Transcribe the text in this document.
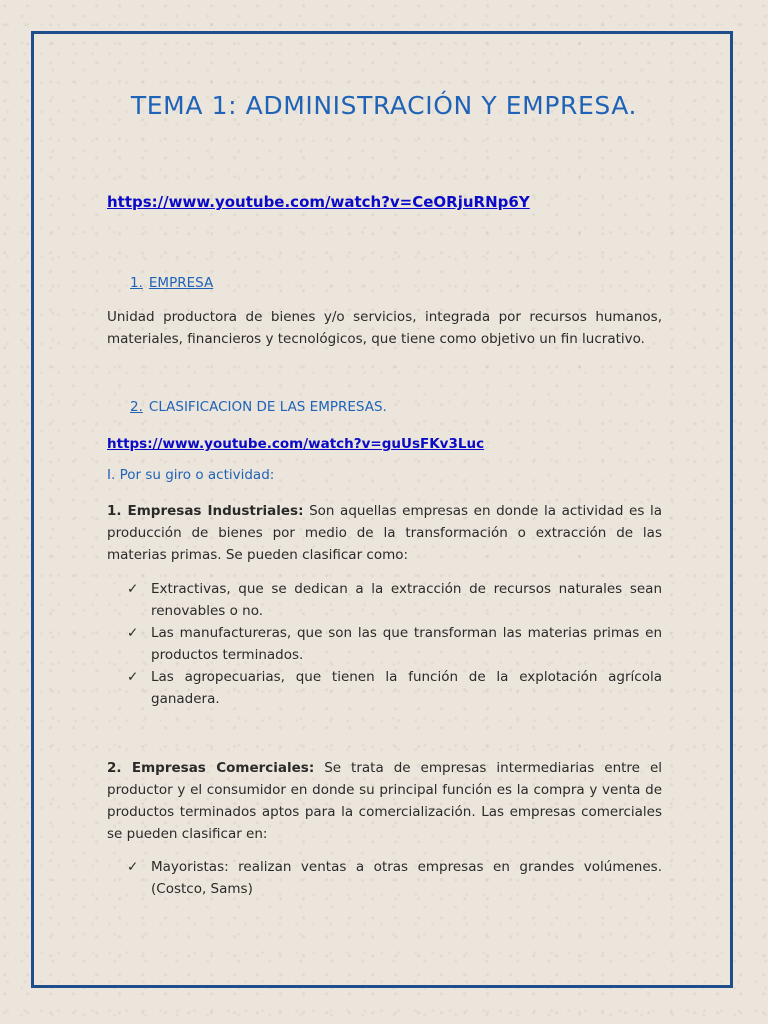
TEMA 1: ADMINISTRACIÓN Y EMPRESA.
https://www.youtube.com/watch?v=CeORjuRNp6Y
1. EMPRESA

Unidad productora de bienes y/o servicios, integrada por recursos humanos, materiales, financieros y tecnológicos, que tiene como objetivo un fin lucrativo.

2. CLASIFICACION DE LAS EMPRESAS.
https://www.youtube.com/watch?v=guUsFKv3Luc
I. Por su giro o actividad:

1. Empresas Industriales: Son aquellas empresas en donde la actividad es la producción de bienes por medio de la transformación o extracción de las materias primas. Se pueden clasificar como:

✓ Extractivas, que se dedican a la extracción de recursos naturales sean renovables o no.
✓ Las manufactureras, que son las que transforman las materias primas en productos terminados.
✓ Las agropecuarias, que tienen la función de la explotación agrícola ganadera.

2. Empresas Comerciales: Se trata de empresas intermediarias entre el productor y el consumidor en donde su principal función es la compra y venta de productos terminados aptos para la comercialización. Las empresas comerciales se pueden clasificar en:

✓ Mayoristas: realizan ventas a otras empresas en grandes volúmenes. (Costco, Sams)
